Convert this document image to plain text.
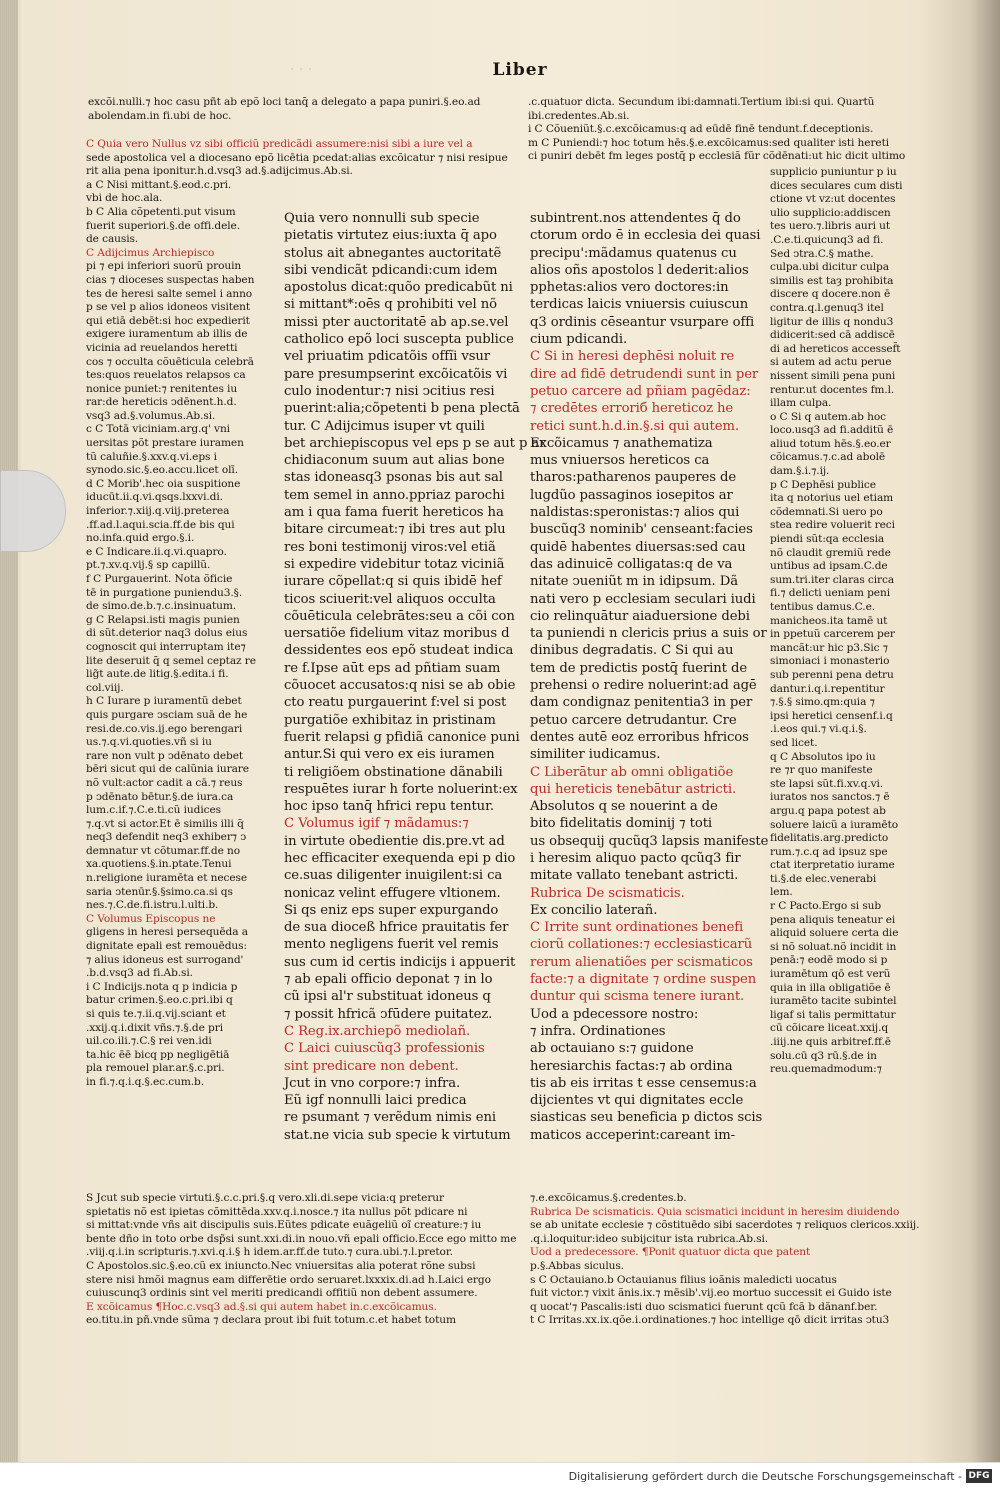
· · ·	Liber

excõi.nulli.⁊ hoc casu pñt ab epõ loci tanq̄ a delegato a papa puniri.§.eo.ad

abolendam.in fi.ubi de hoc.

C Quia vero Nullus vz sibi officiũ predicãdi assumere:nisi sibi a iure vel a

sede apostolica vel a diocesano epõ licētia pcedat:alias excõicatur ⁊ nisi resipue

rit alia pena iponitur.h.d.vsq3 ad.§.adijcimus.Ab.si.

a C Nisi mittant.§.eod.c.pri.

vbi de hoc.ala.

b C Alia cõpetenti.put visum

fuerit superiori.§.de offi.dele.

de causis.

C Adijcimus Archiepisco

pi ⁊ epi inferiori suorũ prouin

cias ⁊ dioceses suspectas haben

tes de heresi salte semel i anno

p se vel p alios idoneos visitent

qui etiā debēt:si hoc expedierit

exigere iuramentum ab illis de

vicinia ad reuelandos heretti

cos ⁊ occulta cõuēticula celebrā

tes:quos reuelatos relapsos ca

nonice puniet:⁊ renitentes iu

rar:de hereticis ↄdēnent.h.d.

vsq3 ad.§.volumus.Ab.si.

c C Totā viciniam.arg.q' vni

uersitas põt prestare iuramen

tũ caluñie.§.xxv.q.vi.eps i

synodo.sic.§.eo.accu.licet olī.

d C Morib'.hec oia suspitione

iducūt.ii.q.vi.qsqs.lxxvi.di.

inferior.⁊.xiij.q.viij.preterea

.ff.ad.l.aqui.scia.ff.de bis qui

no.infa.quid ergo.§.i.

e C Indicare.ii.q.vi.quapro.

pt.⁊.xv.q.vij.§ sp capillũ.

f C Purgauerint. Nota õficie

tē in purgatione puniendu3.§.

de simo.de.b.⁊.c.insinuatum.

g C Relapsi.isti magis punien

di sũt.deterior naq3 dolus eius

cognoscit qui interruptam ite⁊

lite deseruit q̄ q semel ceptaz re

lig̃t aute.de litig.§.edita.i fi.

col.viij.

h C Iurare p iuramentũ debet

quis purgare ↄsciam suā de he

resi.de.co.vis.ij.ego berengari

us.⁊.q.vi.quoties.vñ si iu

rare non vult p ↄdēnato debet

bēri sicut qui de calũnia iurare

nõ vult:actor cadit a cā.⁊ reus

p ↄdēnato bētur.§.de iura.ca

lum.c.if.⁊.C.e.ti.cũ iudices

⁊.q.vt si actor.Et ē similis illi q̄

neq3 defendit neq3 exhiber⁊ ↄ

demnatur vt cõtumar.ff.de no

xa.quotiens.§.in.ptate.Tenui

n.religione iuramēta et necese

saria ↄtenūr.§.§simo.ca.si qs

nes.⁊.C.de.fi.istru.l.ulti.b.

C Volumus Episcopus ne

gligens in heresi persequēda a

dignitate epali est remouēdus:

⁊ alius idoneus est surrogand'

.b.d.vsq3 ad fi.Ab.si.

i C Indicijs.nota q p indicia p

batur crimen.§.eo.c.pri.ibi q

si quis te.⁊.ii.q.vij.sciant et

.xxij.q.i.dixit vñs.⁊.§.de pri

uil.co.ili.⁊.C.§ rei ven.idi

ta.hic ēē bicq pp negligētiā

pla remouel plar.ar.§.c.pri.

in fi.⁊.q.i.q.§.ec.cum.b.

Quia vero nonnulli sub specie

pietatis virtutez eius:iuxta q̄ apo

stolus ait abnegantes auctoritatẽ

sibi vendicãt pdicandi:cum idem

apostolus dicat:quõo predicabũt ni

si mittant*:oēs q prohibiti vel nõ

missi pter auctoritatē ab ap.se.vel

catholico epõ loci suscepta publice

vel priuatim pdicatõis offĩi vsur

pare presumpserint excõicatõis vi

culo inodentur:⁊ nisi ↄcitius resi

puerint:alia;cõpetenti b pena plectā

tur. C Adijcimus isuper vt quili

bet archiepiscopus vel eps p se aut p ar

chidiaconum suum aut alias bone

stas idoneasq3 psonas bis aut sal

tem semel in anno.ppriaz parochi

am i qua fama fuerit hereticos ha

bitare circumeat:⁊ ibi tres aut plu

res boni testimonij viros:vel etiã

si expedire videbitur totaz viciniã

iurare cõpellat:q si quis ibidē hef

ticos sciuerit:vel aliquos occulta

cõuēticula celebrātes:seu a cõi con

uersatiõe fidelium vitaz moribus d

dessidentes eos epõ studeat indica

re f.Ipse aūt eps ad pñtiam suam

cõuocet accusatos:q nisi se ab obie

cto reatu purgauerint f:vel si post

purgatiõe exhibitaz in pristinam

fuerit relapsi g pfidiã canonice puni

antur.Si qui vero ex eis iuramen

ti religiõem obstinatione dãnabili

respuētes iurar h forte noluerint:ex

hoc ipso tanq̄ hfrici repu tentur.

C Volumus igif ⁊ mãdamus:⁊

in virtute obedientie dis.pre.vt ad

hec efficaciter exequenda epi p dio

ce.suas diligenter inuigilent:si ca

nonicaz velint effugere vltionem.

Si qs eniz eps super expurgando

de sua dioceß hfrice prauitatis fer

mento negligens fuerit vel remis

sus cum id certis indicijs i appuerit

⁊ ab epali officio deponat ⁊ in lo

cũ ipsi al'r substituat idoneus q

⁊ possit hfricã ↄfūdere puitatez.

C Reg.ix.archiepõ mediolañ.

C Laici cuiuscũq3 professionis

sint predicare non debent.

Jcut in vno corpore:⁊ infra.

Eũ igf nonnulli laici predica

re psumant ⁊ verẽdum nimis eni

stat.ne vicia sub specie k virtutum

subintrent.nos attendentes q̄ do

ctorum ordo ē in ecclesia dei quasi

precipu':mãdamus quatenus cu

alios oñs apostolos l dederit:alios

pphetas:alios vero doctores:in

terdicas laicis vniuersis cuiuscun

q3 ordinis cēseantur vsurpare offi

cium pdicandi.

C Si in heresi dephēsi noluit re

dire ad fidē detrudendi sunt in per

petuo carcere ad pñiam pagēdaz:

⁊ credētes erroriб hereticoz he

retici sunt.h.d.in.§.si qui autem.

Excõicamus ⁊ anathematiza

mus vniuersos hereticos ca

tharos:patharenos pauperes de

lugdũo passaginos iosepitos ar

naldistas:speronistas:⁊ alios qui

buscũq3 nominib' censeant:facies

quidē habentes diuersas:sed cau

das adinuicē colligatas:q de va

nitate ↄueniũt m in idipsum. Dã

nati vero p ecclesiam seculari iudi

cio relinquātur aiaduersione debi

ta puniendi n clericis prius a suis or

dinibus degradatis. C Si qui au

tem de predictis postq̄ fuerint de

prehensi o redire noluerint:ad agē

dam condignaz penitentia3 in per

petuo carcere detrudantur. Cre

dentes autē eoz erroribus hfricos

similiter iudicamus.

C Liberātur ab omni obligatiõe

qui hereticis tenebātur astricti.

Absolutos q se nouerint a de

bito fidelitatis dominij ⁊ toti

us obsequij qucũq3 lapsis manifeste

i heresim aliquo pacto qcũq3 fir

mitate vallato tenebant astricti.

Rubrica De scismaticis.

Ex concilio laterañ.

C Irrite sunt ordinationes benefi

ciorũ collationes:⁊ ecclesiasticarũ

rerum alienatiões per scismaticos

facte:⁊ a dignitate ⁊ ordine suspen

duntur qui scisma tenere iurant.

Uod a pdecessore nostro:

⁊ infra. Ordinationes

ab octauiano s:⁊ guidone

heresiarchis factas:⁊ ab ordina

tis ab eis irritas t esse censemus:a

dijcientes vt qui dignitates eccle

siasticas seu beneficia p dictos scis

maticos acceperint:careant im-

.c.quatuor dicta. Secundum ibi:damnati.Tertium ibi:si qui. Quartũ

ibi.credentes.Ab.si.

i C Cõueniũt.§.c.excõicamus:q ad eūdē finē tendunt.f.deceptionis.

m C Puniendi:⁊ hoc totum hēs.§.e.excõicamus:sed qualiter isti hereti

ci puniri debēt fm leges postq̄ p ecclesiã fũr cõdēnati:ut hic dicit ultimo

supplicio puniuntur p iu

dices seculares cum disti

ctione vt vz:ut docentes

ulio supplicio:addiscen

tes uero.⁊.libris auri ut

.C.e.ti.quicunq3 ad fi.

Sed ↄtra.C.§ mathe.

culpa.ubi dicitur culpa

similis est taȝ prohibita

discere q docere.non ē

contra.q.l.genuq3 itel

ligitur de illis q nondu3

didicerit:sed cā addiscē

di ad hereticos accessef̃t

si autem ad actu perue

nissent simili pena puni

rentur.ut docentes fm.l.

illam culpa.

o C Si q autem.ab hoc

loco.usq3 ad fi.additũ ē

aliud totum hēs.§.eo.er

cõicamus.⁊.c.ad abolē

dam.§.i.⁊.ij.

p C Dephēsi publice

ita q notorius uel etiam

cõdemnati.Si uero po

stea redire voluerit reci

piendi sũt:qa ecclesia

nõ claudit gremiũ rede

untibus ad ipsam.C.de

sum.tri.iter claras circa

fi.⁊ delicti ueniam peni

tentibus damus.C.e.

manicheos.ita tamē ut

in ppetuũ carcerem per

mancãt:ur hic p3.Sic ⁊

simoniaci i monasterio

sub perenni pena detru

dantur.i.q.i.repentitur

⁊.§.§ simo.qm:quia ⁊

ipsi heretici censenf.i.q

.i.eos qui.⁊ vi.q.i.§.

sed licet.

q C Absolutos ipo iu

re ⁊r quo manifeste

ste lapsi sũt.fi.xv.q.vi.

iuratos nos sanctos.⁊ ē

argu.q papa potest ab

soluere laicũ a iuramēto

fidelitatis.arg.predicto

rum.⁊.c.q ad ipsuz spe

ctat iterpretatio iurame

ti.§.de elec.venerabi

lem.

r C Pacto.Ergo si sub

pena aliquis teneatur ei

aliquid soluere certa die

si nõ soluat.nõ incidit in

penā:⁊ eodē modo si p

iuramētum qō est verũ

quia in illa obligatiõe ē

iuramēto tacite subintel

ligaf si talis permittatur

cū cõicare liceat.xxij.q

.iiij.ne quis arbitref.ff.ē

solu.cū q3 rū.§.de in

reu.quemadmodum:⁊

S Jcut sub specie virtuti.§.c.c.pri.§.q vero.xli.di.sepe vicia:q preterur

spietatis nõ est ipietas cõmittēda.xxv.q.i.nosce.⁊ ita nullus põt pdicare ni

si mittat:vnde vñs ait discipulis suis.Eũtes pdicate euãgeliũ oĩ creature:⁊ iu

bente dño in toto orbe dsp̃si sunt.xxi.di.in nouo.vñ epali officio.Ecce ego mitto me

.viij.q.i.in scripturis.⁊.xvi.q.i.§ h idem.ar.ff.de tuto.⁊ cura.ubi.⁊.l.pretor.

C Apostolos.sic.§.eo.cũ ex iniuncto.Nec vniuersitas alia poterat rõne subsi

stere nisi hmõi magnus eam differētie ordo seruaret.lxxxix.di.ad h.Laici ergo

cuiuscunq3 ordinis sint vel meriti predicandi offitiũ non debent assumere.

E xcõicamus ¶Hoc.c.vsq3 ad.§.si qui autem habet in.c.excõicamus.

eo.titu.in pñ.vnde sũma ⁊ declara prout ibi fuit totum.c.et habet totum

⁊.e.excõicamus.§.credentes.b.

Rubrica De scismaticis. Quia scismatici incidunt in heresim diuidendo

se ab unitate ecclesie ⁊ cõstituēdo sibi sacerdotes ⁊ reliquos clericos.xxiij.

.q.i.loquitur:ideo subijcitur ista rubrica.Ab.si.

Uod a predecessore. ¶Ponit quatuor dicta que patent

p.§.Abbas siculus.

s C Octauiano.b Octauianus filius ioãnis maledicti uocatus

fuit victor.⁊ vixit ãnis.ix.⁊ mēsib'.vij.eo mortuo successit ei Guido iste

q uocat'⁊ Pascalis:isti duo scismatici fuerunt qcũ fcã b dãnanf.ber.

t C Irritas.xx.ix.qõe.i.ordinationes.⁊ hoc intellige qō dicit irritas ↄtu3

Digitalisierung gefördert durch die Deutsche Forschungsgemeinschaft - DFG
